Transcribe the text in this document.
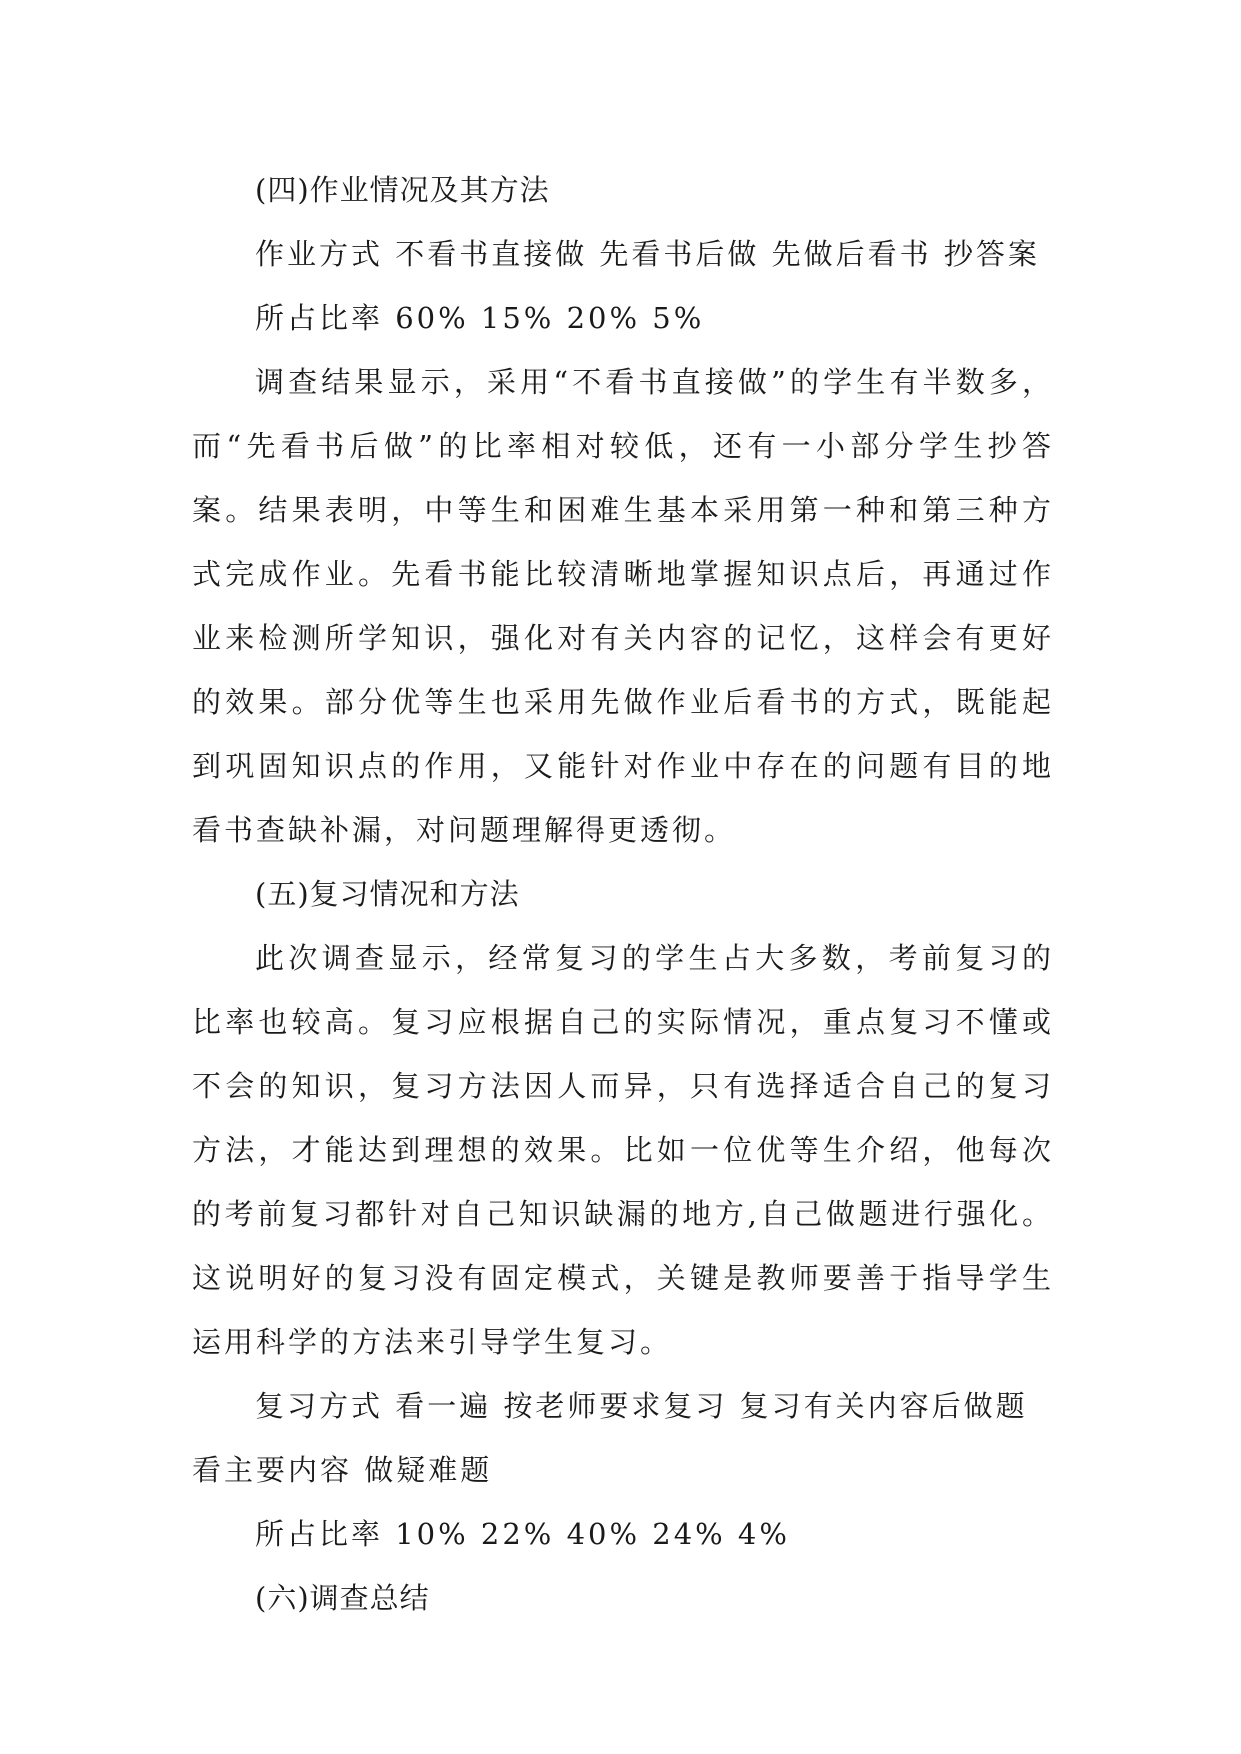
(四)作业情况及其方法

作业方式 不看书直接做 先看书后做 先做后看书 抄答案

所占比率 60% 15% 20% 5%

调查结果显示，采用“不看书直接做”的学生有半数多，而“先看书后做”的比率相对较低，还有一小部分学生抄答案。结果表明，中等生和困难生基本采用第一种和第三种方式完成作业。先看书能比较清晰地掌握知识点后，再通过作业来检测所学知识，强化对有关内容的记忆，这样会有更好的效果。部分优等生也采用先做作业后看书的方式，既能起到巩固知识点的作用，又能针对作业中存在的问题有目的地看书查缺补漏，对问题理解得更透彻。

(五)复习情况和方法

此次调查显示，经常复习的学生占大多数，考前复习的比率也较高。复习应根据自己的实际情况，重点复习不懂或不会的知识，复习方法因人而异，只有选择适合自己的复习方法，才能达到理想的效果。比如一位优等生介绍，他每次的考前复习都针对自己知识缺漏的地方,自己做题进行强化。这说明好的复习没有固定模式，关键是教师要善于指导学生运用科学的方法来引导学生复习。

复习方式 看一遍 按老师要求复习 复习有关内容后做题 看主要内容 做疑难题

所占比率 10% 22% 40% 24% 4%

(六)调查总结
